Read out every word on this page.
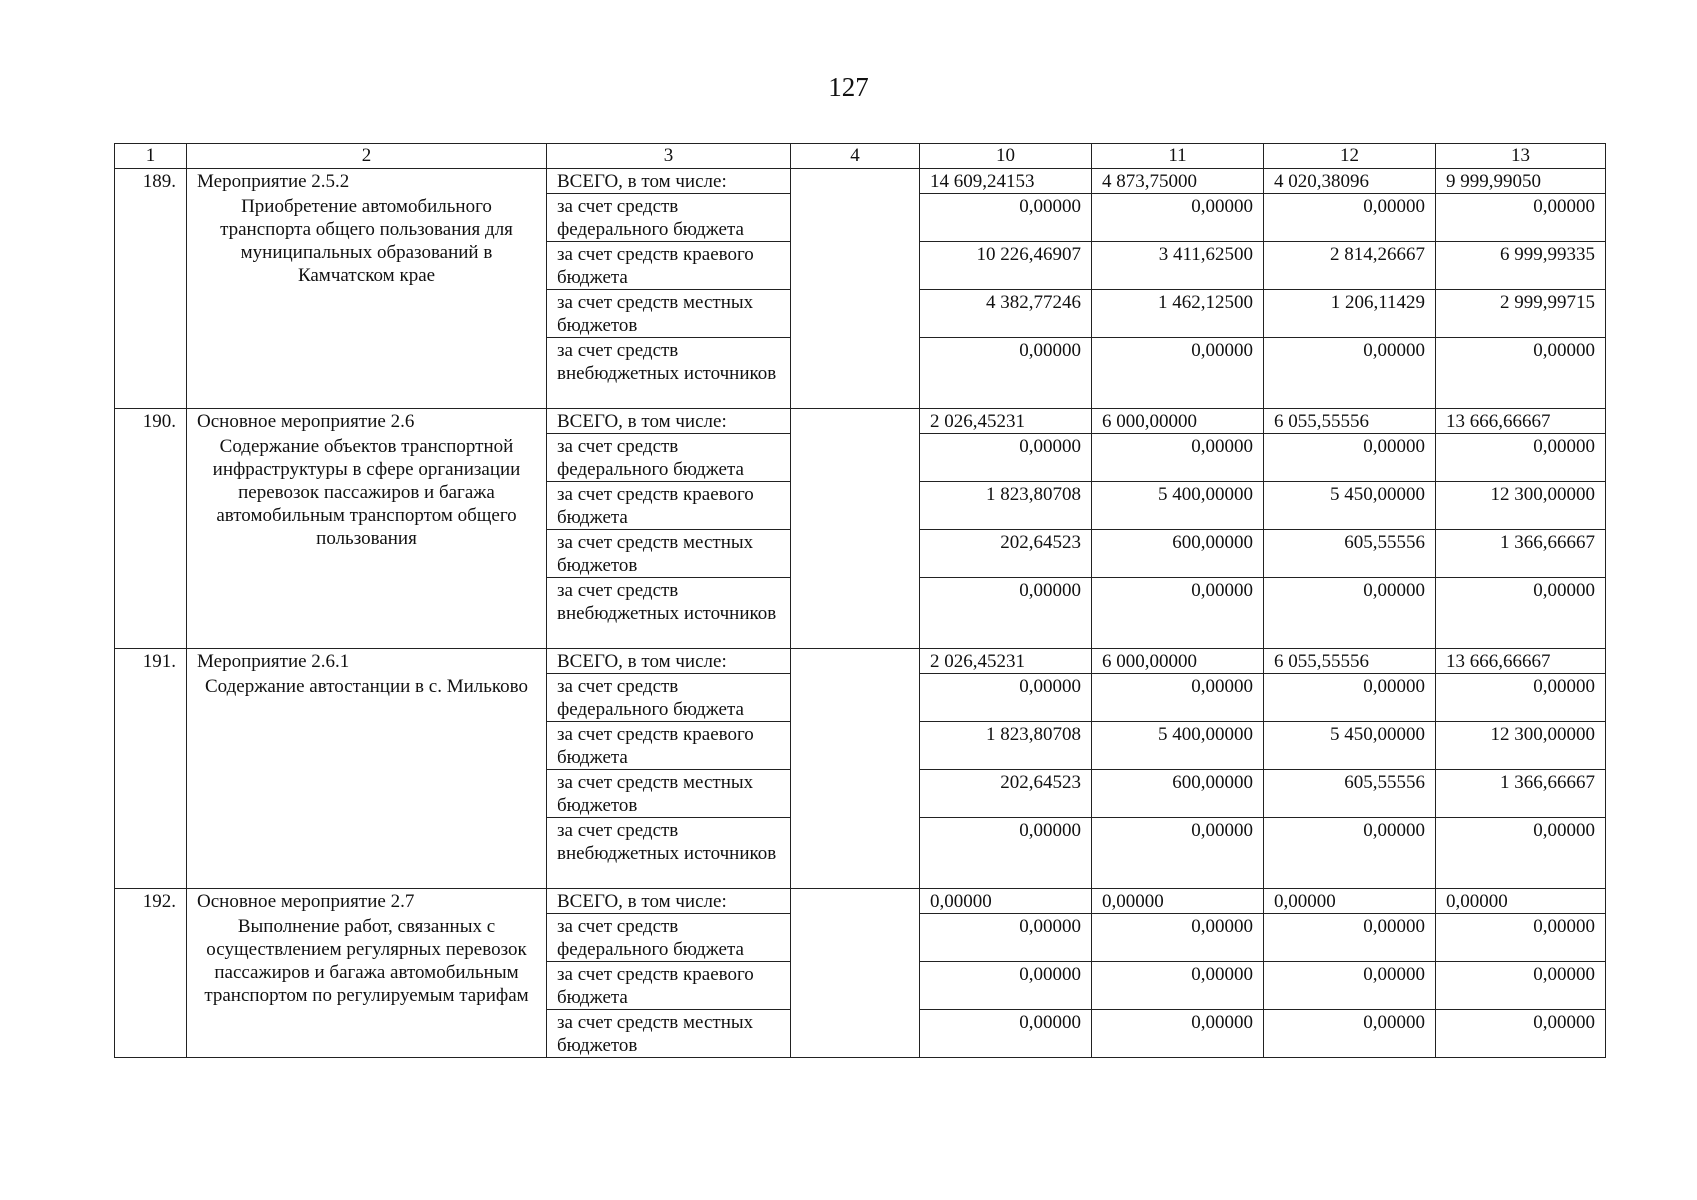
127
1	2	3	4	10	11	12	13
189.	Мероприятие 2.5.2	ВСЕГО, в том числе:		14 609,24153	4 873,75000	4 020,38096	9 999,99050
	Приобретение автомобильного транспорта общего пользования для муниципальных образований в Камчатском крае	за счет средств федерального бюджета		0,00000	0,00000	0,00000	0,00000
		за счет средств краевого бюджета		10 226,46907	3 411,62500	2 814,26667	6 999,99335
		за счет средств местных бюджетов		4 382,77246	1 462,12500	1 206,11429	2 999,99715
		за счет средств внебюджетных источников		0,00000	0,00000	0,00000	0,00000
190.	Основное мероприятие 2.6	ВСЕГО, в том числе:		2 026,45231	6 000,00000	6 055,55556	13 666,66667
	Содержание объектов транспортной инфраструктуры в сфере организации перевозок пассажиров и багажа автомобильным транспортом общего пользования	за счет средств федерального бюджета		0,00000	0,00000	0,00000	0,00000
		за счет средств краевого бюджета		1 823,80708	5 400,00000	5 450,00000	12 300,00000
		за счет средств местных бюджетов		202,64523	600,00000	605,55556	1 366,66667
		за счет средств внебюджетных источников		0,00000	0,00000	0,00000	0,00000
191.	Мероприятие 2.6.1	ВСЕГО, в том числе:		2 026,45231	6 000,00000	6 055,55556	13 666,66667
	Содержание автостанции в с. Мильково	за счет средств федерального бюджета		0,00000	0,00000	0,00000	0,00000
		за счет средств краевого бюджета		1 823,80708	5 400,00000	5 450,00000	12 300,00000
		за счет средств местных бюджетов		202,64523	600,00000	605,55556	1 366,66667
		за счет средств внебюджетных источников		0,00000	0,00000	0,00000	0,00000
192.	Основное мероприятие 2.7	ВСЕГО, в том числе:		0,00000	0,00000	0,00000	0,00000
	Выполнение работ, связанных с осуществлением регулярных перевозок пассажиров и багажа автомобильным транспортом по регулируемым тарифам	за счет средств федерального бюджета		0,00000	0,00000	0,00000	0,00000
		за счет средств краевого бюджета		0,00000	0,00000	0,00000	0,00000
		за счет средств местных бюджетов		0,00000	0,00000	0,00000	0,00000
